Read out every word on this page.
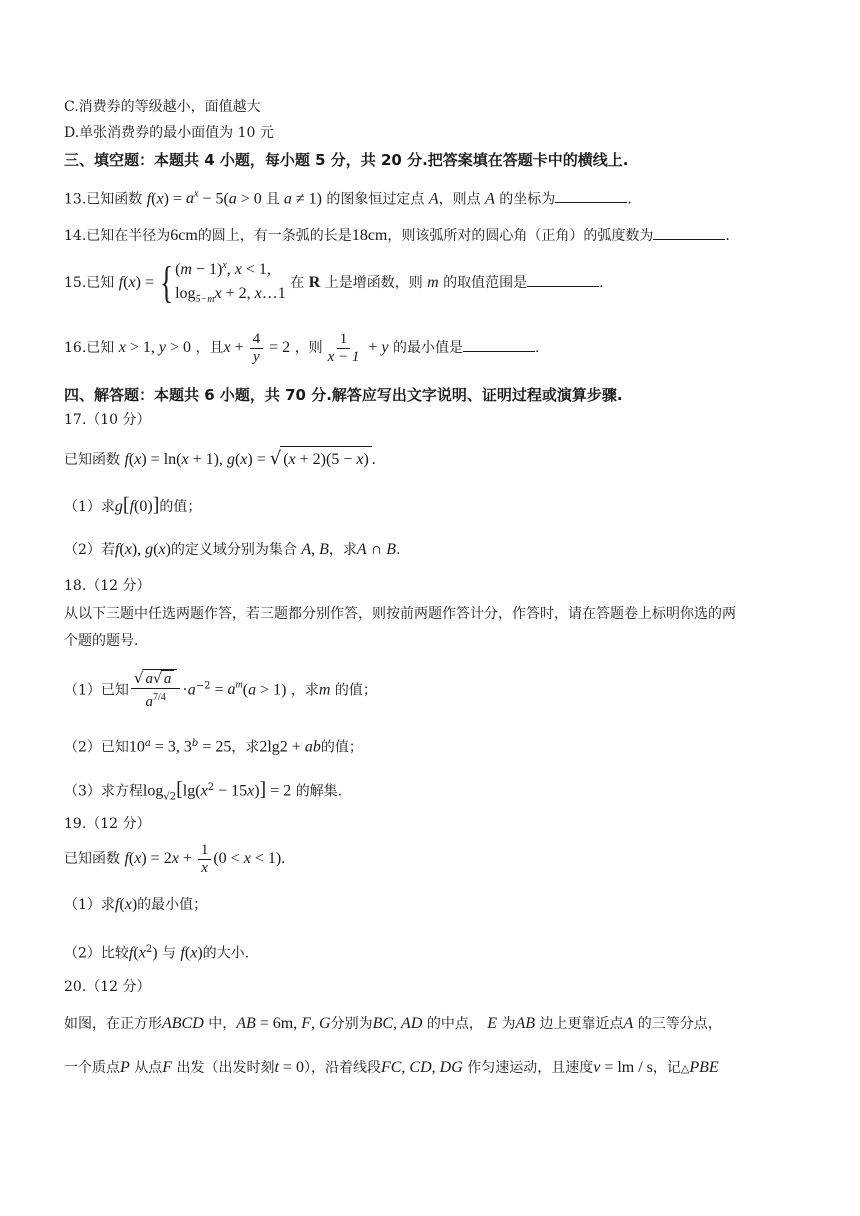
C.消费券的等级越小，面值越大
D.单张消费券的最小面值为 10 元
三、填空题：本题共 4 小题，每小题 5 分，共 20 分.把答案填在答题卡中的横线上.
13.已知函数 $f(x) = a^x - 5(a > 0$ 且 a ≠ 1) 的图象恒过定点 A，则点 A 的坐标为	.
14.已知在半径为6cm的圆上，有一条弧的长是18cm，则该弧所对的圆心角（正角）的弧度数为	.
15.已知 f(x) = { $(m - 1)^x$, x < 1,
$\log_{5-m}x + 2$, x…1
在 R 上是增函数，则 m 的取值范围是	.
16.已知 x > 1, y > 0 ，且$x + \frac{4}{y} = 2$ ，则 $\frac{1}{x - 1} + y$ 的最小值是	.
四、解答题：本题共 6 小题，共 70 分.解答应写出文字说明、证明过程或演算步骤.
17.（10 分）
已知函数 f(x) = ln(x + 1), g(x) = √ (x + 2)(5 − x) .
（1）求g[f(0)]的值；
（2）若f(x), g(x)的定义域分别为集合 A, B，求A ∩ B.
18.（12 分）
从以下三题中任选两题作答，若三题都分别作答，则按前两题作答计分，作答时，请在答题卷上标明你选的两
个题的题号.
（1）已知 $\frac{√ a√ a}{a^{7/4}} \cdot a^{-2} = a^m(a > 1)$ ，求m 的值；
（2）已知$10^a = 3$, $3^b = 25$，求2lg2 + ab的值；
（3）求方程$\log_{√2}[\lg(x^2 - 15x)] = 2$ 的解集.
19.（12 分）
已知函数 $f(x) = 2x + \frac{1}{x} (0 < x < 1)$.
（1）求f(x)的最小值；
（2）比较$f(x^2)$ 与 f(x)的大小.
20.（12 分）
如图，在正方形ABCD 中，AB = 6m, F, G分别为BC, AD 的中点， E 为AB 边上更靠近点A 的三等分点，
一个质点P 从点F 出发（出发时刻t = 0），沿着线段FC, CD, DG 作匀速运动，且速度v = lm / s，记△PBE
